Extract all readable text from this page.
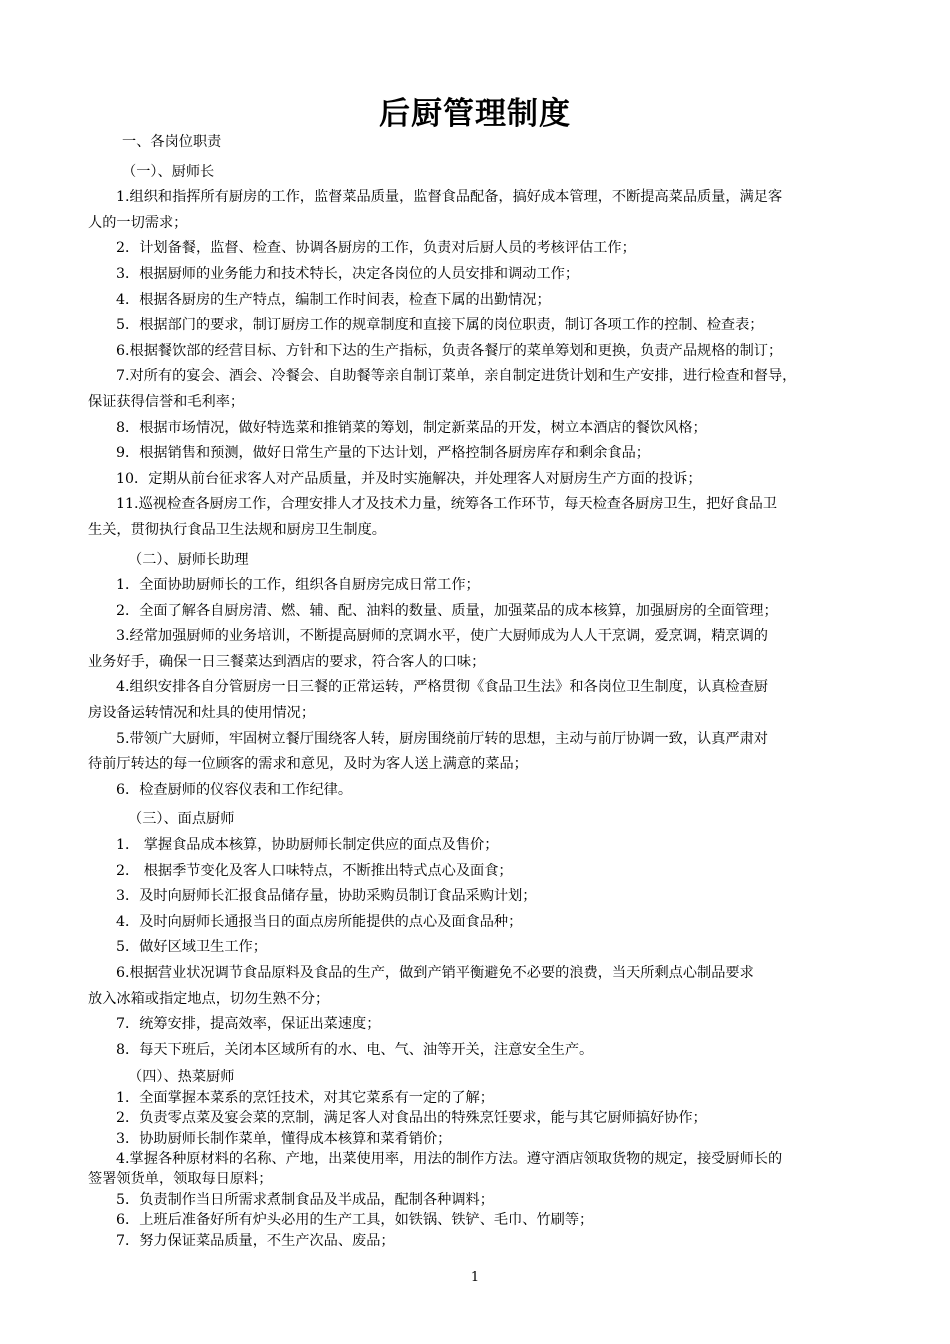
后厨管理制度
一、各岗位职责
（一）、厨师长
1.组织和指挥所有厨房的工作，监督菜品质量，监督食品配备，搞好成本管理，不断提高菜品质量，满足客
人的一切需求；
2．计划备餐，监督、检查、协调各厨房的工作，负责对后厨人员的考核评估工作；
3．根据厨师的业务能力和技术特长，决定各岗位的人员安排和调动工作；
4．根据各厨房的生产特点，编制工作时间表，检查下属的出勤情况；
5．根据部门的要求，制订厨房工作的规章制度和直接下属的岗位职责，制订各项工作的控制、检查表；
6.根据餐饮部的经营目标、方针和下达的生产指标，负责各餐厅的菜单筹划和更换，负责产品规格的制订；
7.对所有的宴会、酒会、冷餐会、自助餐等亲自制订菜单，亲自制定进货计划和生产安排，进行检查和督导，
保证获得信誉和毛利率；
8．根据市场情况，做好特选菜和推销菜的筹划，制定新菜品的开发，树立本酒店的餐饮风格；
9．根据销售和预测，做好日常生产量的下达计划，严格控制各厨房库存和剩余食品；
10．定期从前台征求客人对产品质量，并及时实施解决，并处理客人对厨房生产方面的投诉；
11.巡视检查各厨房工作，合理安排人才及技术力量，统筹各工作环节，每天检查各厨房卫生，把好食品卫
生关，贯彻执行食品卫生法规和厨房卫生制度。
（二）、厨师长助理
1．全面协助厨师长的工作，组织各自厨房完成日常工作；
2．全面了解各自厨房清、燃、辅、配、油料的数量、质量，加强菜品的成本核算，加强厨房的全面管理；
3.经常加强厨师的业务培训，不断提高厨师的烹调水平，使广大厨师成为人人干烹调，爱烹调，精烹调的
业务好手，确保一日三餐菜达到酒店的要求，符合客人的口味；
4.组织安排各自分管厨房一日三餐的正常运转，严格贯彻《食品卫生法》和各岗位卫生制度，认真检查厨
房设备运转情况和灶具的使用情况；
5.带领广大厨师，牢固树立餐厅围绕客人转，厨房围绕前厅转的思想，主动与前厅协调一致，认真严肃对
待前厅转达的每一位顾客的需求和意见，及时为客人送上满意的菜品；
6．检查厨师的仪容仪表和工作纪律。
（三）、面点厨师
1． 掌握食品成本核算，协助厨师长制定供应的面点及售价；
2． 根据季节变化及客人口味特点，不断推出特式点心及面食；
3．及时向厨师长汇报食品储存量，协助采购员制订食品采购计划；
4．及时向厨师长通报当日的面点房所能提供的点心及面食品种；
5．做好区域卫生工作；
6.根据营业状况调节食品原料及食品的生产，做到产销平衡避免不必要的浪费，当天所剩点心制品要求
放入冰箱或指定地点，切勿生熟不分；
7．统筹安排，提高效率，保证出菜速度；
8．每天下班后，关闭本区域所有的水、电、气、油等开关，注意安全生产。
（四）、热菜厨师
1．全面掌握本菜系的烹饪技术，对其它菜系有一定的了解；
2．负责零点菜及宴会菜的烹制，满足客人对食品出的特殊烹饪要求，能与其它厨师搞好协作；
3．协助厨师长制作菜单，懂得成本核算和菜肴销价；
4.掌握各种原材料的名称、产地，出菜使用率，用法的制作方法。遵守酒店领取货物的规定，接受厨师长的
签署领货单，领取每日原料；
5．负责制作当日所需求煮制食品及半成品，配制各种调料；
6．上班后准备好所有炉头必用的生产工具，如铁锅、铁铲、毛巾、竹刷等；
7．努力保证菜品质量，不生产次品、废品；
1
